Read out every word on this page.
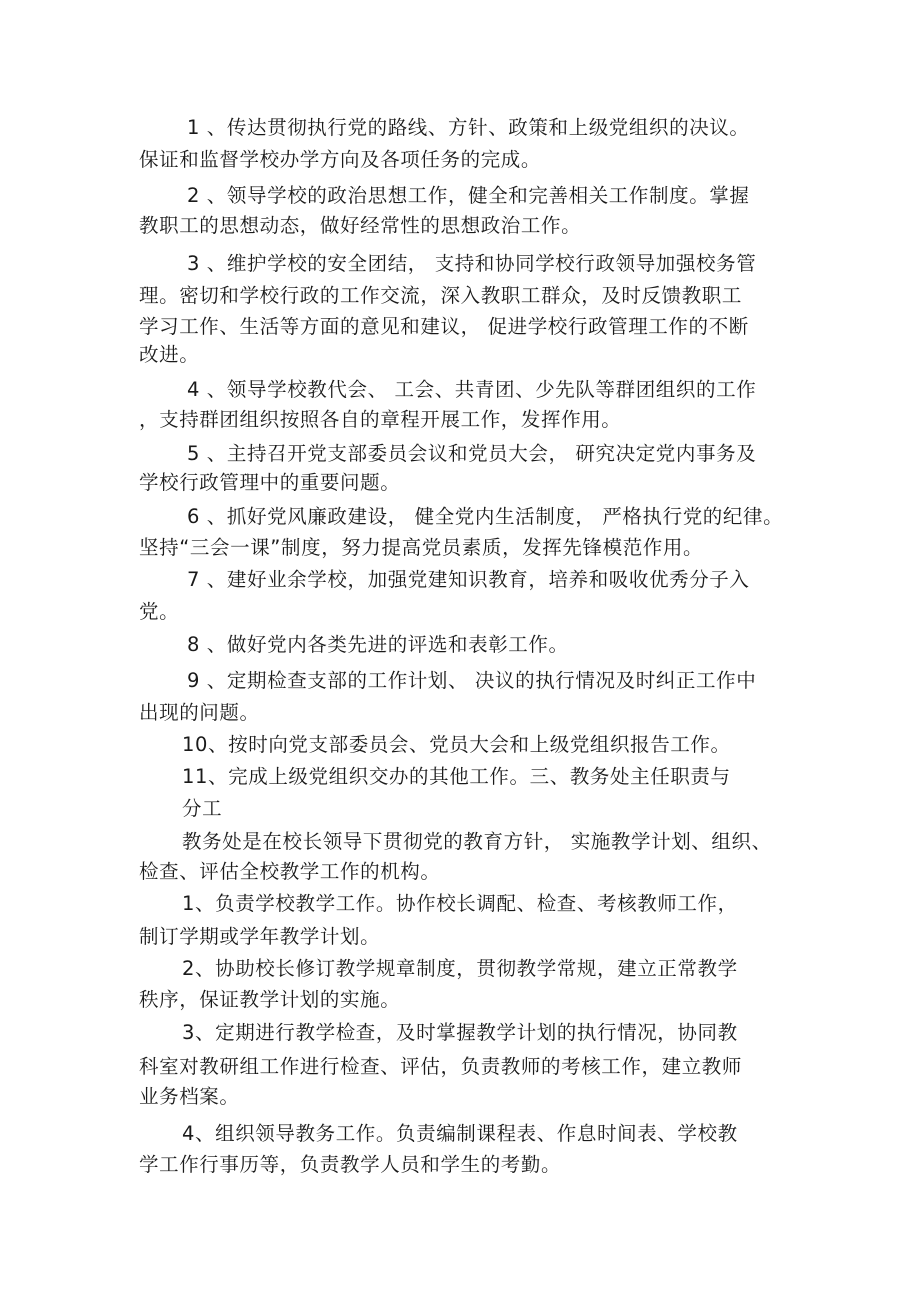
1 、传达贯彻执行党的路线、方针、政策和上级党组织的决议。
保证和监督学校办学方向及各项任务的完成。
2 、领导学校的政治思想工作，健全和完善相关工作制度。掌握
教职工的思想动态，做好经常性的思想政治工作。
3 、维护学校的安全团结， 支持和协同学校行政领导加强校务管
理。密切和学校行政的工作交流，深入教职工群众，及时反馈教职工
学习工作、生活等方面的意见和建议， 促进学校行政管理工作的不断
改进。
4 、领导学校教代会、 工会、共青团、少先队等群团组织的工作
，支持群团组织按照各自的章程开展工作，发挥作用。
5 、主持召开党支部委员会议和党员大会， 研究决定党内事务及
学校行政管理中的重要问题。
6 、抓好党风廉政建设， 健全党内生活制度， 严格执行党的纪律。
坚持“三会一课”制度，努力提高党员素质，发挥先锋模范作用。
7 、建好业余学校，加强党建知识教育，培养和吸收优秀分子入
党。
8 、做好党内各类先进的评选和表彰工作。
9 、定期检查支部的工作计划、 决议的执行情况及时纠正工作中
出现的问题。
10、按时向党支部委员会、党员大会和上级党组织报告工作。
11、完成上级党组织交办的其他工作。三、教务处主任职责与
分工
教务处是在校长领导下贯彻党的教育方针， 实施教学计划、组织、
检查、评估全校教学工作的机构。
1、负责学校教学工作。协作校长调配、检查、考核教师工作，
制订学期或学年教学计划。
2、协助校长修订教学规章制度，贯彻教学常规，建立正常教学
秩序，保证教学计划的实施。
3、定期进行教学检查，及时掌握教学计划的执行情况，协同教
科室对教研组工作进行检查、评估，负责教师的考核工作，建立教师
业务档案。
4、组织领导教务工作。负责编制课程表、作息时间表、学校教
学工作行事历等，负责教学人员和学生的考勤。
